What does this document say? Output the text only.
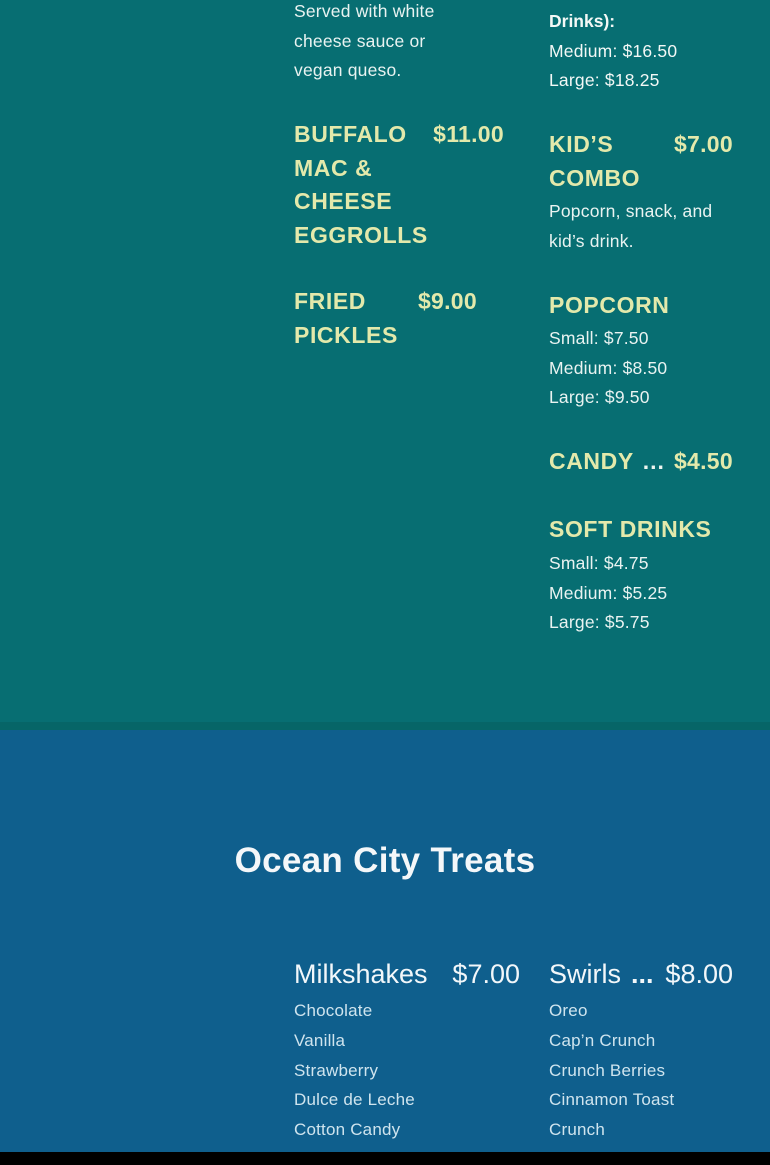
Served with white cheese sauce or vegan queso.
BUFFALO MAC & CHEESE EGGROLLS
$11.00
FRIED PICKLES
$9.00
Drinks):
Medium: $16.50
Large: $18.25
KID’S COMBO
$7.00
Popcorn, snack, and kid’s drink.
POPCORN
Small: $7.50
Medium: $8.50
Large: $9.50
CANDY ... $4.50
SOFT DRINKS
Small: $4.75
Medium: $5.25
Large: $5.75
Ocean City Treats
Milkshakes $7.00
Chocolate
Vanilla
Strawberry
Dulce de Leche
Cotton Candy
Swirls ... $8.00
Oreo
Cap’n Crunch Crunch Berries
Cinnamon Toast Crunch
